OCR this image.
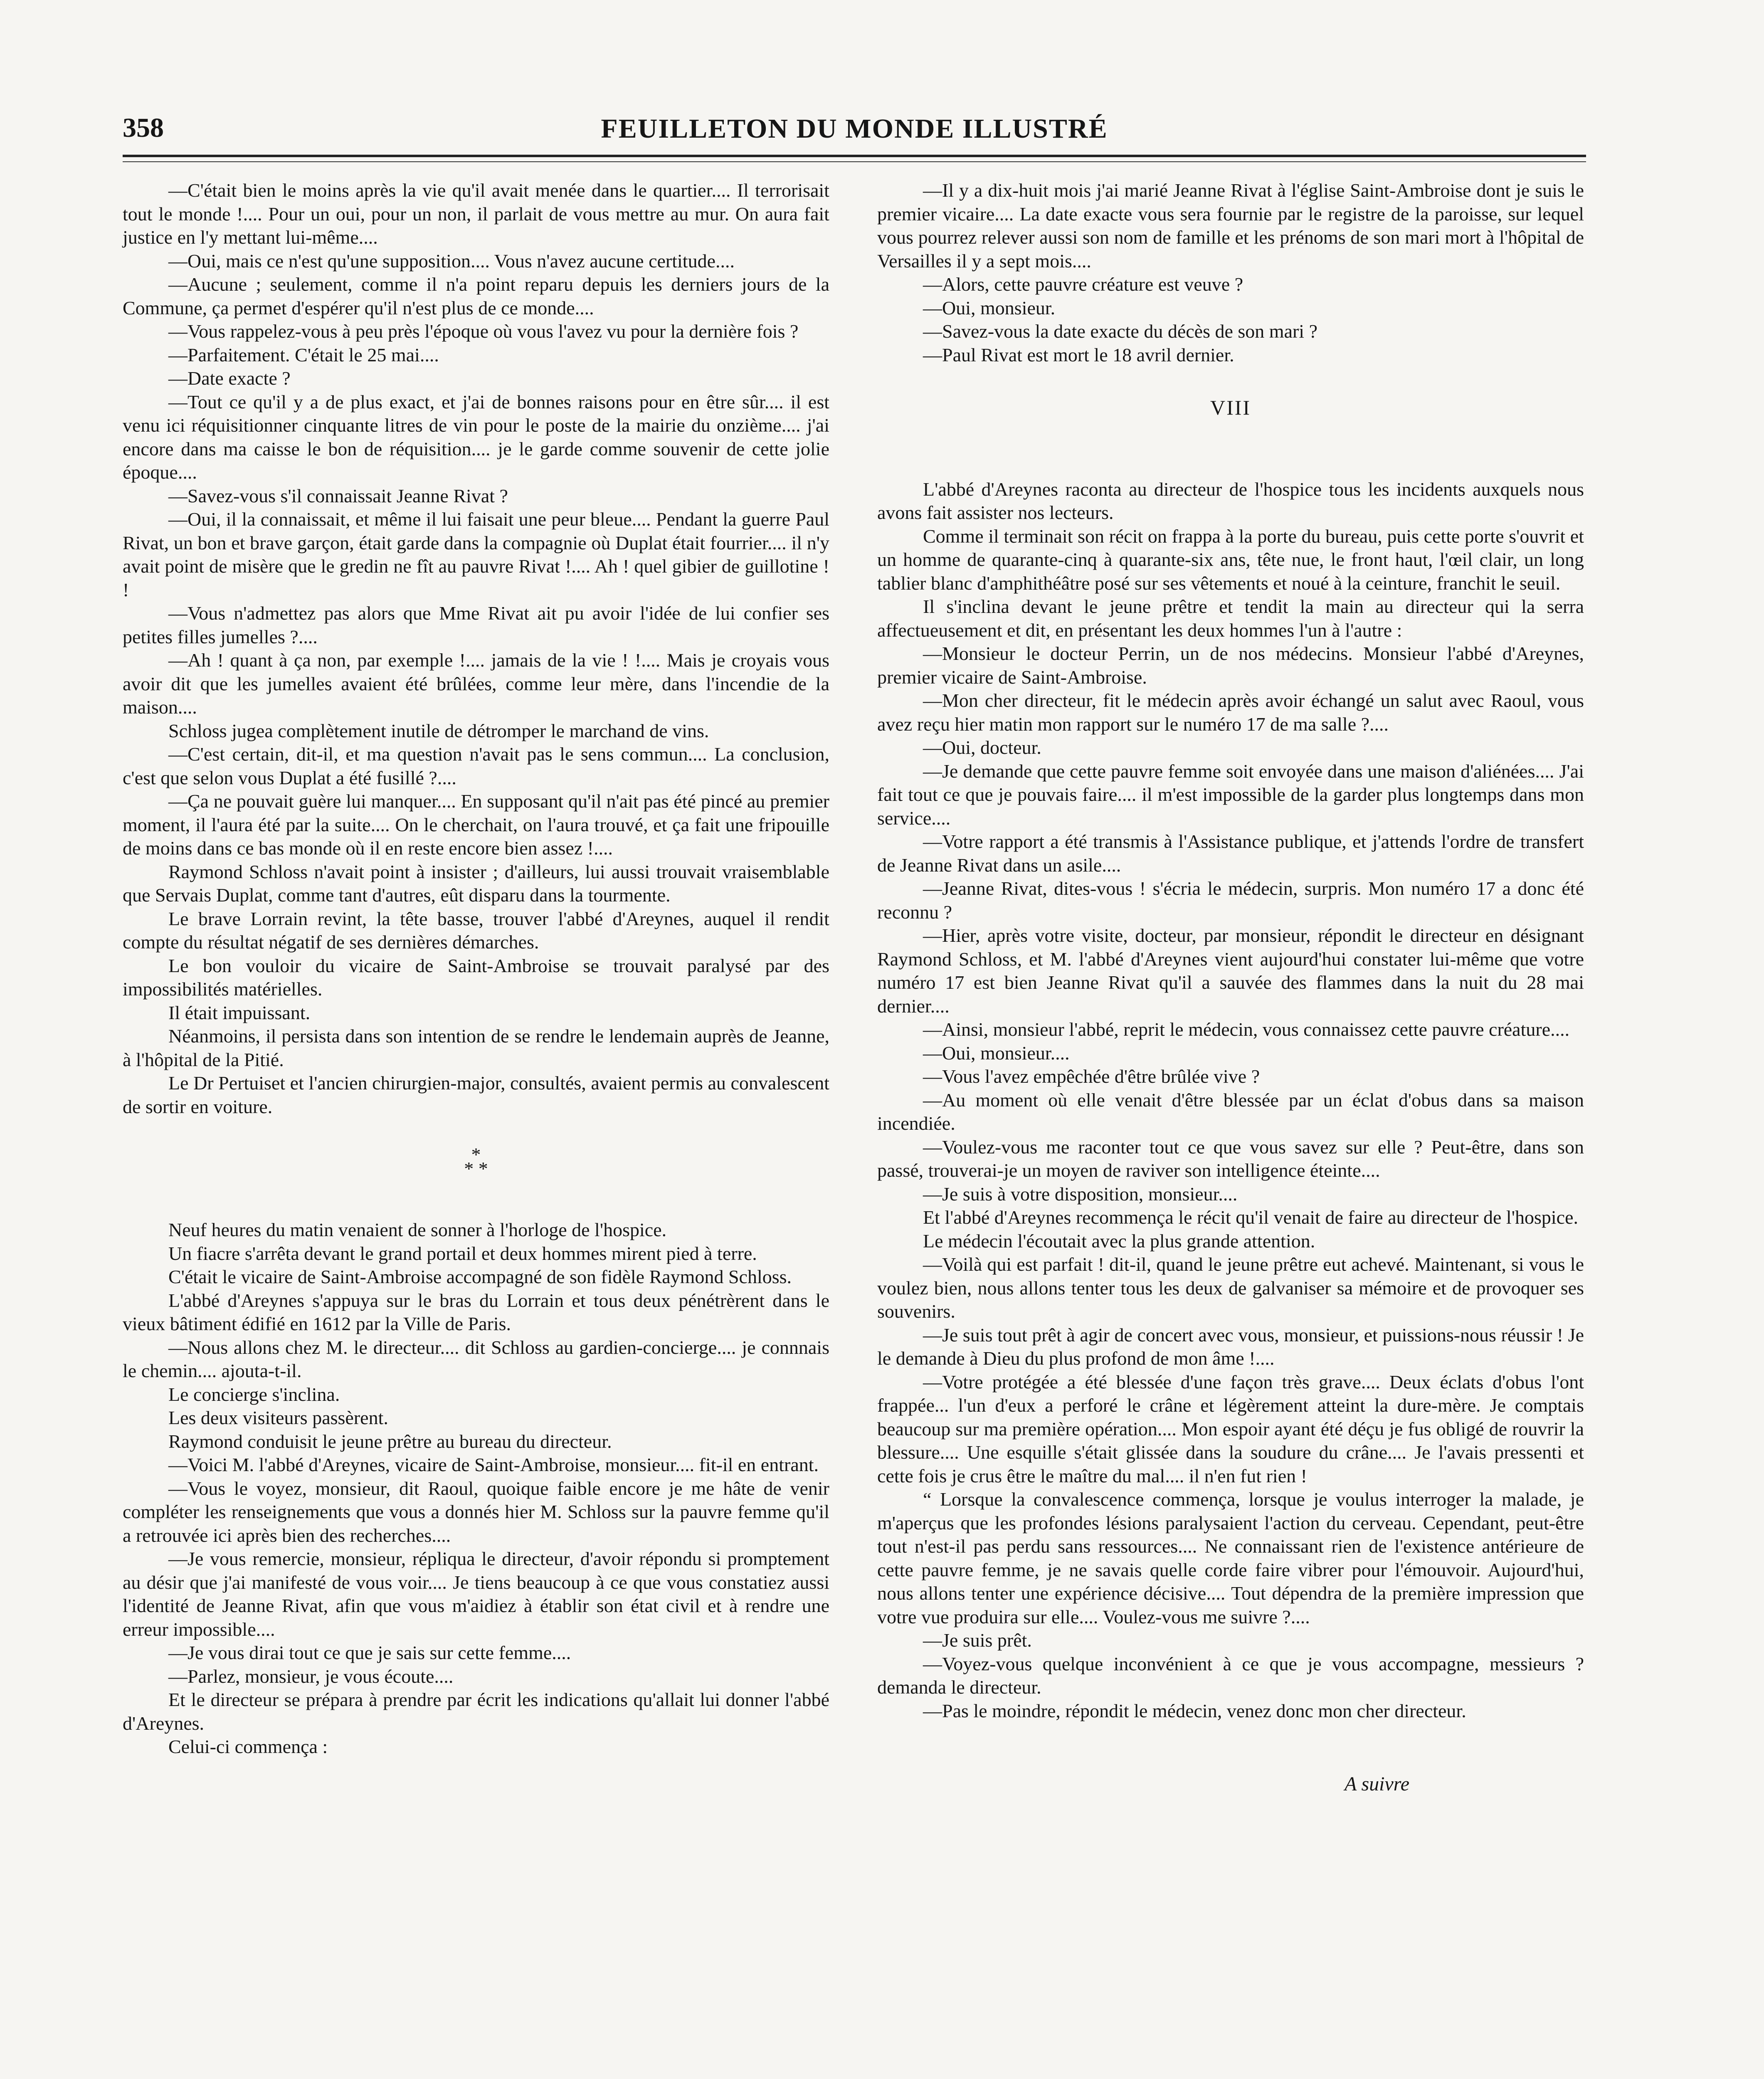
358	FEUILLETON DU MONDE ILLUSTRÉ

—C'était bien le moins après la vie qu'il avait menée dans le quartier.... Il terrorisait tout le monde !.... Pour un oui, pour un non, il parlait de vous mettre au mur. On aura fait justice en l'y mettant lui-même....

—Oui, mais ce n'est qu'une supposition.... Vous n'avez aucune certitude....

—Aucune ; seulement, comme il n'a point reparu depuis les derniers jours de la Commune, ça permet d'espérer qu'il n'est plus de ce monde....

—Vous rappelez-vous à peu près l'époque où vous l'avez vu pour la dernière fois ?

—Parfaitement. C'était le 25 mai....

—Date exacte ?

—Tout ce qu'il y a de plus exact, et j'ai de bonnes raisons pour en être sûr.... il est venu ici réquisitionner cinquante litres de vin pour le poste de la mairie du onzième.... j'ai encore dans ma caisse le bon de réquisition.... je le garde comme souvenir de cette jolie époque....

—Savez-vous s'il connaissait Jeanne Rivat ?

—Oui, il la connaissait, et même il lui faisait une peur bleue.... Pendant la guerre Paul Rivat, un bon et brave garçon, était garde dans la compagnie où Duplat était fourrier.... il n'y avait point de misère que le gredin ne fît au pauvre Rivat !.... Ah ! quel gibier de guillotine ! !

—Vous n'admettez pas alors que Mme Rivat ait pu avoir l'idée de lui confier ses petites filles jumelles ?....

—Ah ! quant à ça non, par exemple !.... jamais de la vie ! !.... Mais je croyais vous avoir dit que les jumelles avaient été brûlées, comme leur mère, dans l'incendie de la maison....

Schloss jugea complètement inutile de détromper le marchand de vins.

—C'est certain, dit-il, et ma question n'avait pas le sens commun.... La conclusion, c'est que selon vous Duplat a été fusillé ?....

—Ça ne pouvait guère lui manquer.... En supposant qu'il n'ait pas été pincé au premier moment, il l'aura été par la suite.... On le cherchait, on l'aura trouvé, et ça fait une fripouille de moins dans ce bas monde où il en reste encore bien assez !....

Raymond Schloss n'avait point à insister ; d'ailleurs, lui aussi trouvait vraisemblable que Servais Duplat, comme tant d'autres, eût disparu dans la tourmente.

Le brave Lorrain revint, la tête basse, trouver l'abbé d'Areynes, auquel il rendit compte du résultat négatif de ses dernières démarches.

Le bon vouloir du vicaire de Saint-Ambroise se trouvait paralysé par des impossibilités matérielles.

Il était impuissant.

Néanmoins, il persista dans son intention de se rendre le lendemain auprès de Jeanne, à l'hôpital de la Pitié.

Le Dr Pertuiset et l'ancien chirurgien-major, consultés, avaient permis au convalescent de sortir en voiture.

*
* *

Neuf heures du matin venaient de sonner à l'horloge de l'hospice.

Un fiacre s'arrêta devant le grand portail et deux hommes mirent pied à terre.

C'était le vicaire de Saint-Ambroise accompagné de son fidèle Raymond Schloss.

L'abbé d'Areynes s'appuya sur le bras du Lorrain et tous deux pénétrèrent dans le vieux bâtiment édifié en 1612 par la Ville de Paris.

—Nous allons chez M. le directeur.... dit Schloss au gardien-concierge.... je connnais le chemin.... ajouta-t-il.

Le concierge s'inclina.

Les deux visiteurs passèrent.

Raymond conduisit le jeune prêtre au bureau du directeur.

—Voici M. l'abbé d'Areynes, vicaire de Saint-Ambroise, monsieur.... fit-il en entrant.

—Vous le voyez, monsieur, dit Raoul, quoique faible encore je me hâte de venir compléter les renseignements que vous a donnés hier M. Schloss sur la pauvre femme qu'il a retrouvée ici après bien des recherches....

—Je vous remercie, monsieur, répliqua le directeur, d'avoir répondu si promptement au désir que j'ai manifesté de vous voir.... Je tiens beaucoup à ce que vous constatiez aussi l'identité de Jeanne Rivat, afin que vous m'aidiez à établir son état civil et à rendre une erreur impossible....

—Je vous dirai tout ce que je sais sur cette femme....

—Parlez, monsieur, je vous écoute....

Et le directeur se prépara à prendre par écrit les indications qu'allait lui donner l'abbé d'Areynes.

Celui-ci commença :

—Il y a dix-huit mois j'ai marié Jeanne Rivat à l'église Saint-Ambroise dont je suis le premier vicaire.... La date exacte vous sera fournie par le registre de la paroisse, sur lequel vous pourrez relever aussi son nom de famille et les prénoms de son mari mort à l'hôpital de Versailles il y a sept mois....

—Alors, cette pauvre créature est veuve ?

—Oui, monsieur.

—Savez-vous la date exacte du décès de son mari ?

—Paul Rivat est mort le 18 avril dernier.

VIII

L'abbé d'Areynes raconta au directeur de l'hospice tous les incidents auxquels nous avons fait assister nos lecteurs.

Comme il terminait son récit on frappa à la porte du bureau, puis cette porte s'ouvrit et un homme de quarante-cinq à quarante-six ans, tête nue, le front haut, l'œil clair, un long tablier blanc d'amphithéâtre posé sur ses vêtements et noué à la ceinture, franchit le seuil.

Il s'inclina devant le jeune prêtre et tendit la main au directeur qui la serra affectueusement et dit, en présentant les deux hommes l'un à l'autre :

—Monsieur le docteur Perrin, un de nos médecins. Monsieur l'abbé d'Areynes, premier vicaire de Saint-Ambroise.

—Mon cher directeur, fit le médecin après avoir échangé un salut avec Raoul, vous avez reçu hier matin mon rapport sur le numéro 17 de ma salle ?....

—Oui, docteur.

—Je demande que cette pauvre femme soit envoyée dans une maison d'aliénées.... J'ai fait tout ce que je pouvais faire.... il m'est impossible de la garder plus longtemps dans mon service....

—Votre rapport a été transmis à l'Assistance publique, et j'attends l'ordre de transfert de Jeanne Rivat dans un asile....

—Jeanne Rivat, dites-vous ! s'écria le médecin, surpris. Mon numéro 17 a donc été reconnu ?

—Hier, après votre visite, docteur, par monsieur, répondit le directeur en désignant Raymond Schloss, et M. l'abbé d'Areynes vient aujourd'hui constater lui-même que votre numéro 17 est bien Jeanne Rivat qu'il a sauvée des flammes dans la nuit du 28 mai dernier....

—Ainsi, monsieur l'abbé, reprit le médecin, vous connaissez cette pauvre créature....

—Oui, monsieur....

—Vous l'avez empêchée d'être brûlée vive ?

—Au moment où elle venait d'être blessée par un éclat d'obus dans sa maison incendiée.

—Voulez-vous me raconter tout ce que vous savez sur elle ? Peut-être, dans son passé, trouverai-je un moyen de raviver son intelligence éteinte....

—Je suis à votre disposition, monsieur....

Et l'abbé d'Areynes recommença le récit qu'il venait de faire au directeur de l'hospice.

Le médecin l'écoutait avec la plus grande attention.

—Voilà qui est parfait ! dit-il, quand le jeune prêtre eut achevé. Maintenant, si vous le voulez bien, nous allons tenter tous les deux de galvaniser sa mémoire et de provoquer ses souvenirs.

—Je suis tout prêt à agir de concert avec vous, monsieur, et puissions-nous réussir ! Je le demande à Dieu du plus profond de mon âme !....

—Votre protégée a été blessée d'une façon très grave.... Deux éclats d'obus l'ont frappée... l'un d'eux a perforé le crâne et légèrement atteint la dure-mère. Je comptais beaucoup sur ma première opération.... Mon espoir ayant été déçu je fus obligé de rouvrir la blessure.... Une esquille s'était glissée dans la soudure du crâne.... Je l'avais pressenti et cette fois je crus être le maître du mal.... il n'en fut rien !

“ Lorsque la convalescence commença, lorsque je voulus interroger la malade, je m'aperçus que les profondes lésions paralysaient l'action du cerveau. Cependant, peut-être tout n'est-il pas perdu sans ressources.... Ne connaissant rien de l'existence antérieure de cette pauvre femme, je ne savais quelle corde faire vibrer pour l'émouvoir. Aujourd'hui, nous allons tenter une expérience décisive.... Tout dépendra de la première impression que votre vue produira sur elle.... Voulez-vous me suivre ?....

—Je suis prêt.

—Voyez-vous quelque inconvénient à ce que je vous accompagne, messieurs ? demanda le directeur.

—Pas le moindre, répondit le médecin, venez donc mon cher directeur.

A suivre
